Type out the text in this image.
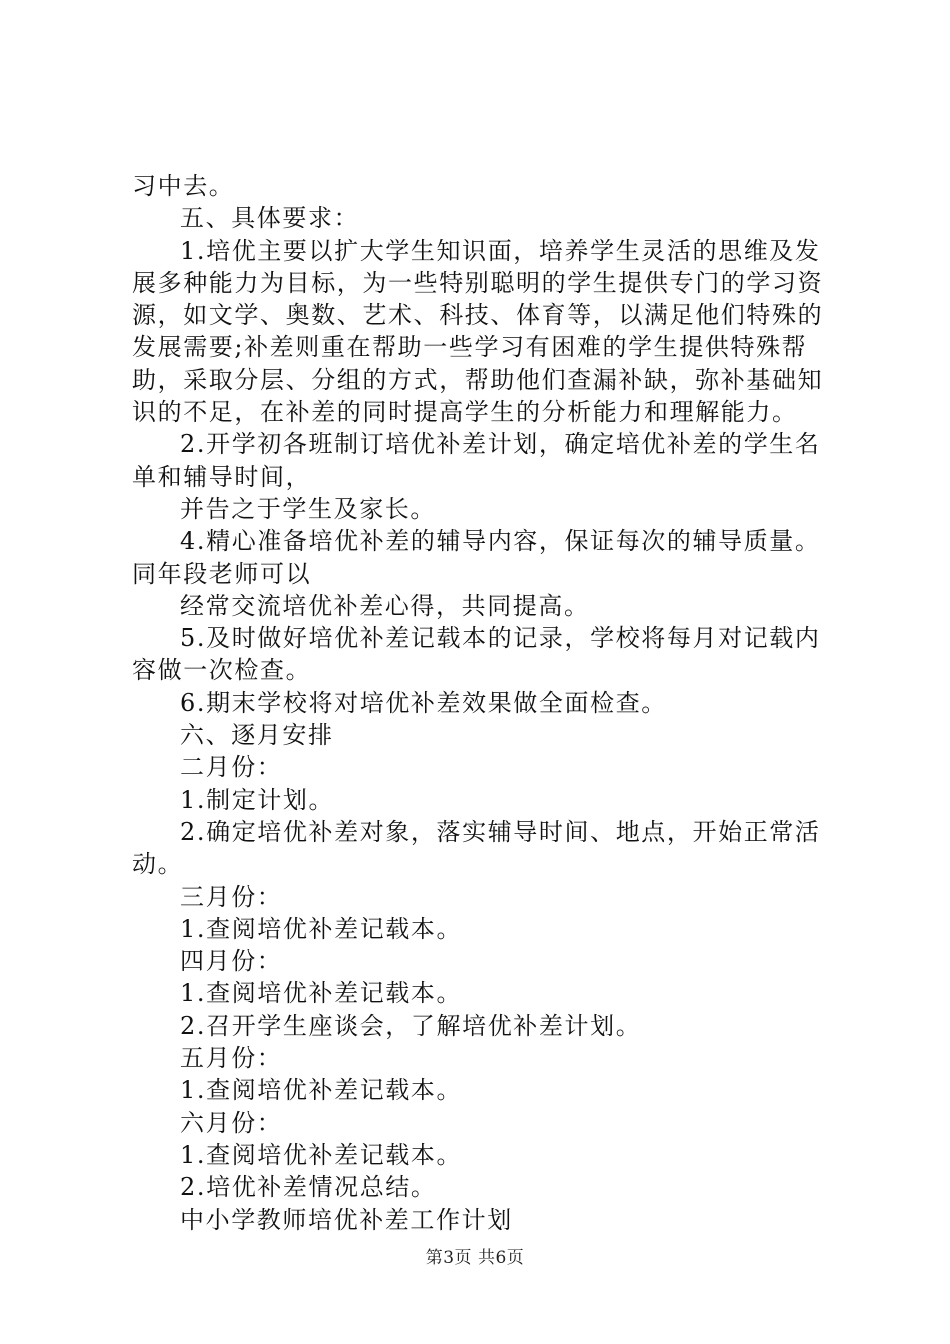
习中去。

五、具体要求：

1.培优主要以扩大学生知识面，培养学生灵活的思维及发展多种能力为目标，为一些特别聪明的学生提供专门的学习资源，如文学、奥数、艺术、科技、体育等，以满足他们特殊的发展需要;补差则重在帮助一些学习有困难的学生提供特殊帮助，采取分层、分组的方式，帮助他们查漏补缺，弥补基础知识的不足，在补差的同时提高学生的分析能力和理解能力。

2.开学初各班制订培优补差计划，确定培优补差的学生名单和辅导时间，

并告之于学生及家长。

4.精心准备培优补差的辅导内容，保证每次的辅导质量。同年段老师可以

经常交流培优补差心得，共同提高。

5.及时做好培优补差记载本的记录，学校将每月对记载内容做一次检查。

6.期末学校将对培优补差效果做全面检查。

六、逐月安排

二月份：

1.制定计划。

2.确定培优补差对象，落实辅导时间、地点，开始正常活动。

三月份：

1.查阅培优补差记载本。

四月份：

1.查阅培优补差记载本。

2.召开学生座谈会，了解培优补差计划。

五月份：

1.查阅培优补差记载本。

六月份：

1.查阅培优补差记载本。

2.培优补差情况总结。

中小学教师培优补差工作计划

第3页 共6页
